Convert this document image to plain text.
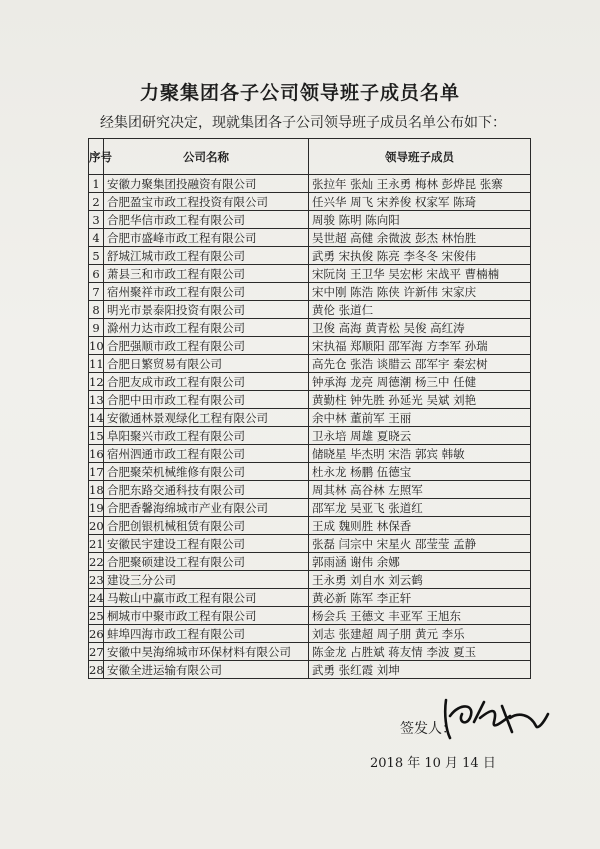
力聚集团各子公司领导班子成员名单
经集团研究决定，现就集团各子公司领导班子成员名单公布如下：
序号	公司名称	领导班子成员
1	安徽力聚集团投融资有限公司	张拉年 张灿 王永勇 梅林 彭烨昆 张寨
2	合肥盈宝市政工程投资有限公司	任兴华 周飞 宋养俊 权家军 陈琦
3	合肥华信市政工程有限公司	周骏 陈明 陈向阳
4	合肥市盛峰市政工程有限公司	吴世超 高健 余微波 彭杰 林怡胜
5	舒城江城市政工程有限公司	武勇 宋执俊 陈亮 李冬冬 宋俊伟
6	萧县三和市政工程有限公司	宋阮岗 王卫华 吴宏彬 宋战平 曹楠楠
7	宿州聚祥市政工程有限公司	宋中刚 陈浩 陈侠 许新伟 宋家庆
8	明光市景泰阳投资有限公司	黄伦 张道仁
9	滁州力达市政工程有限公司	卫俊 高海 黄青松 吴俊 高红涛
10	合肥强顺市政工程有限公司	宋执福 郑顺阳 邵军海 方李军 孙瑞
11	合肥日繁贸易有限公司	高先仓 张浩 谈腊云 邵军宇 秦宏树
12	合肥友成市政工程有限公司	钟承海 龙亮 周德潮 杨三中 任健
13	合肥中田市政工程有限公司	黄勤柱 钟先胜 孙延光 吴斌 刘艳
14	安徽通林景观绿化工程有限公司	余中林 董前军 王丽
15	阜阳聚兴市政工程有限公司	卫永培 周雄 夏晓云
16	宿州泗通市政工程有限公司	储晓星 毕杰明 宋浩 郭宾 韩敏
17	合肥聚荣机械维修有限公司	杜永龙 杨鹏 伍德宝
18	合肥东路交通科技有限公司	周其林 高谷林 左照军
19	合肥香馨海绵城市产业有限公司	邵军龙 吴亚飞 张道红
20	合肥创银机械租赁有限公司	王成 魏则胜 林保香
21	安徽民宇建设工程有限公司	张磊 闫宗中 宋星火 邵莹莹 孟静
22	合肥聚硕建设工程有限公司	郭雨涵 谢伟 余娜
23	建设三分公司	王永勇 刘自水 刘云鹤
24	马鞍山中赢市政工程有限公司	黄必新 陈军 李正轩
25	桐城市中聚市政工程有限公司	杨会兵 王德文 丰亚军 王旭东
26	蚌埠四海市政工程有限公司	刘志 张建超 周子朋 黄元 李乐
27	安徽中昊海绵城市环保材料有限公司	陈金龙 占胜斌 蒋友情 李波 夏玉
28	安徽全进运输有限公司	武勇 张红霞 刘坤
签发人：
2018 年 10 月 14 日
